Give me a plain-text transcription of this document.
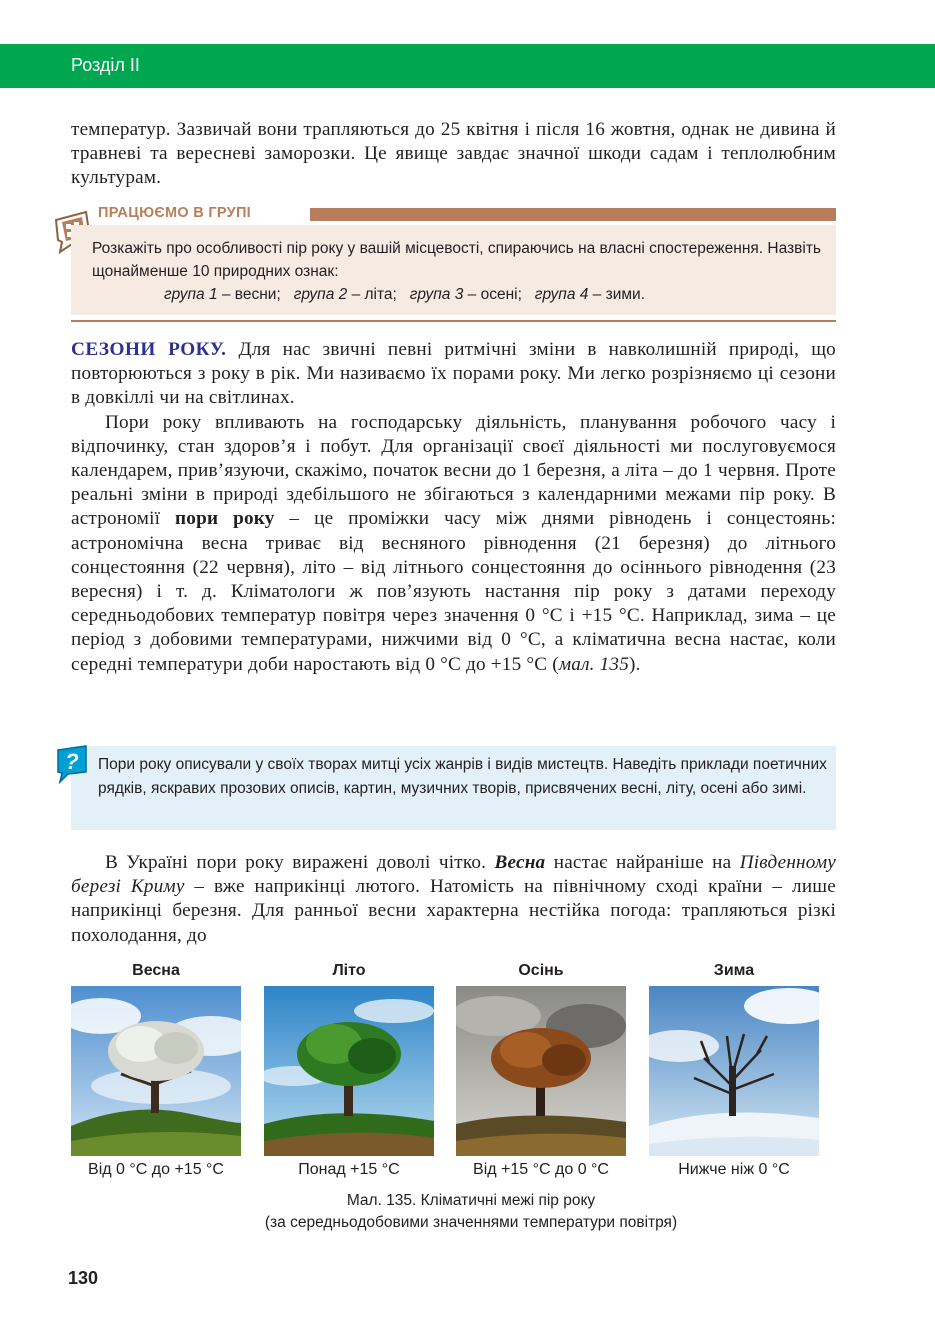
Розділ ІІ

температур. Зазвичай вони трапляються до 25 квітня і після 16 жовтня, однак не дивина й травневі та вересневі заморозки. Це явище завдає значної шкоди садам і теплолюбним культурам.

ПРАЦЮЄМО В ГРУПІ

Розкажіть про особливості пір року у вашій місцевості, спираючись на власні спостереження. Назвіть щонайменше 10 природних ознак:

група 1 – весни;   група 2 – літа;   група 3 – осені;   група 4 – зими.

СЕЗОНИ РОКУ. Для нас звичні певні ритмічні зміни в навколишній природі, що повторюються з року в рік. Ми називаємо їх порами року. Ми легко розрізняємо ці сезони в довкіллі чи на світлинах.

Пори року впливають на господарську діяльність, планування робочого часу і відпочинку, стан здоров’я і побут. Для організації своєї діяльності ми послуговуємося календарем, прив’язуючи, скажімо, початок весни до 1 березня, а літа – до 1 червня. Проте реальні зміни в природі здебільшого не збігаються з календарними межами пір року. В астрономії пори року – це проміжки часу між днями рівнодень і сонцестоянь: астрономічна весна триває від весняного рівнодення (21 березня) до літнього сонцестояння (22 червня), літо – від літнього сонцестояння до осіннього рівнодення (23 вересня) і т. д. Кліматологи ж пов’язують настання пір року з датами переходу середньодобових температур повітря через значення 0 °С і +15 °С. Наприклад, зима – це період з добовими температурами, нижчими від 0 °С, а кліматична весна настає, коли середні температури доби наростають від 0 °С до +15 °С (мал. 135).

? Пори року описували у своїх творах митці усіх жанрів і видів мистецтв. Наведіть приклади поетичних рядків, яскравих прозових описів, картин, музичних творів, присвячених весні, літу, осені або зимі.

В Україні пори року виражені доволі чітко. Весна настає найраніше на Південному березі Криму – вже наприкінці лютого. Натомість на північному сході країни – лише наприкінці березня. Для ранньої весни характерна нестійка погода: трапляються різкі похолодання, до

Весна
Від 0 °С до +15 °С
Літо
Понад +15 °С
Осінь
Від +15 °С до 0 °С
Зима
Нижче ніж 0 °С
Мал. 135. Кліматичні межі пір року
(за середньодобовими значеннями температури повітря)
130
